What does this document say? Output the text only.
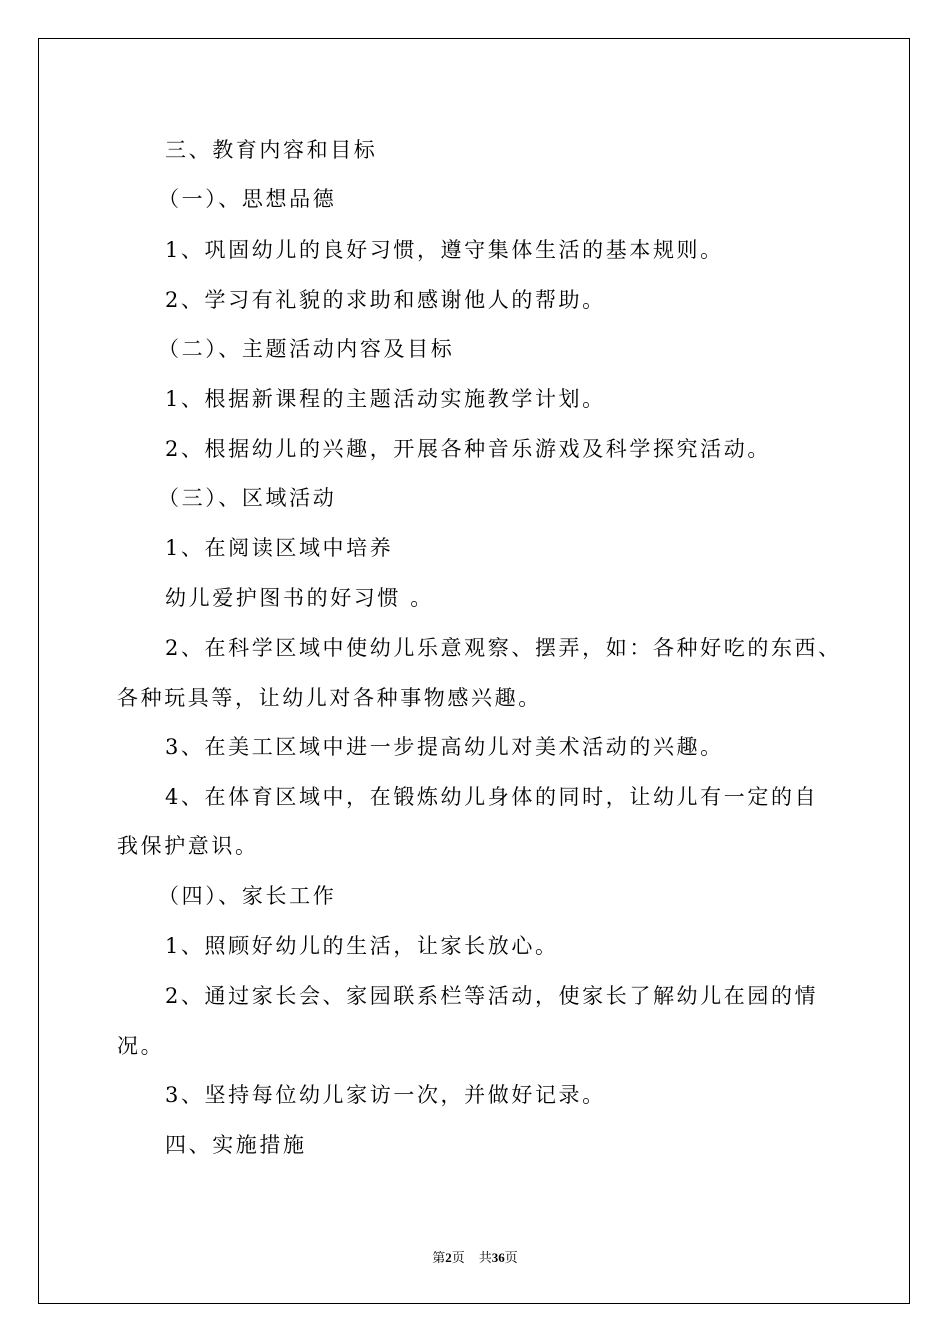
三、教育内容和目标
（一）、思想品德
1、巩固幼儿的良好习惯，遵守集体生活的基本规则。
2、学习有礼貌的求助和感谢他人的帮助。
（二）、主题活动内容及目标
1、根据新课程的主题活动实施教学计划。
2、根据幼儿的兴趣，开展各种音乐游戏及科学探究活动。
（三）、区域活动
1、在阅读区域中培养
幼儿爱护图书的好习惯 。
2、在科学区域中使幼儿乐意观察、摆弄，如：各种好吃的东西、
各种玩具等，让幼儿对各种事物感兴趣。
3、在美工区域中进一步提高幼儿对美术活动的兴趣。
4、在体育区域中，在锻炼幼儿身体的同时，让幼儿有一定的自
我保护意识。
（四）、家长工作
1、照顾好幼儿的生活，让家长放心。
2、通过家长会、家园联系栏等活动，使家长了解幼儿在园的情
况。
3、坚持每位幼儿家访一次，并做好记录。
四、实施措施
第2页 共36页
